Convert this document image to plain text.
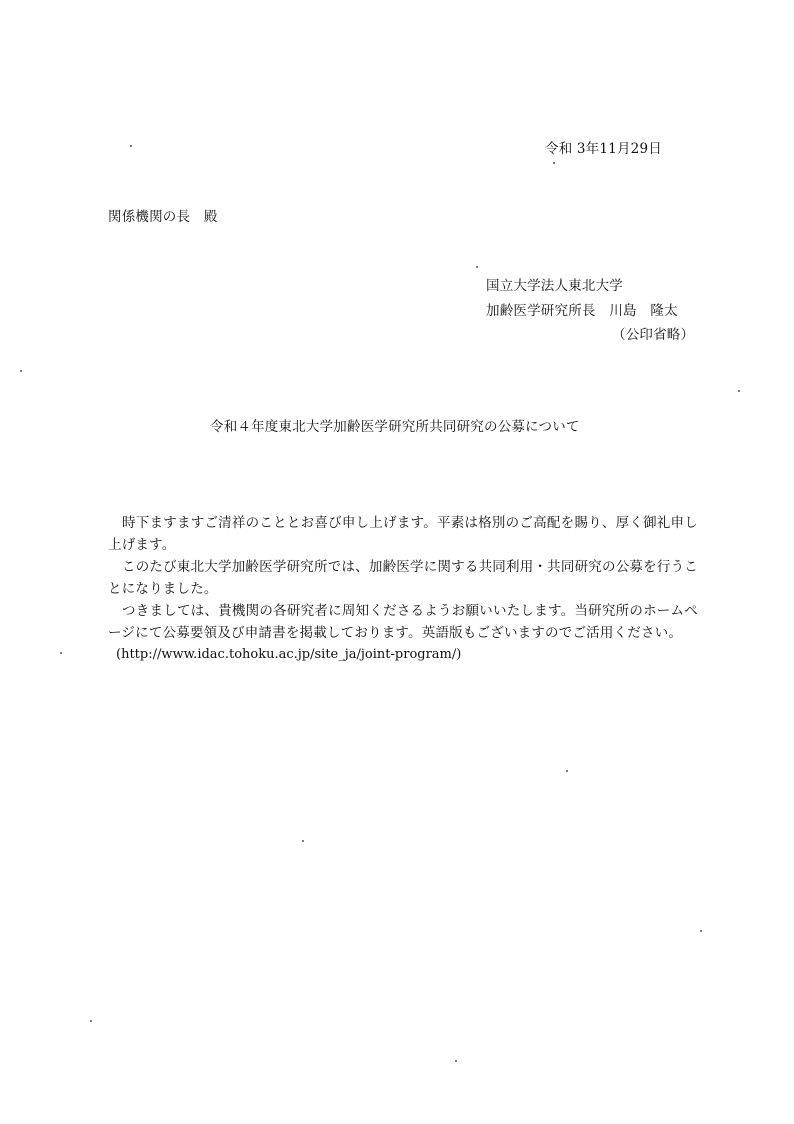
令和 3年11月29日
関係機関の長　殿
国立大学法人東北大学
加齢医学研究所長　川島　隆太
（公印省略）
令和４年度東北大学加齢医学研究所共同研究の公募について

時下ますますご清祥のこととお喜び申し上げます。平素は格別のご高配を賜り、厚く御礼申し上げます。

このたび東北大学加齢医学研究所では、加齢医学に関する共同利用・共同研究の公募を行うことになりました。

つきましては、貴機関の各研究者に周知くださるようお願いいたします。当研究所のホームページにて公募要領及び申請書を掲載しております。英語版もございますのでご活用ください。

(http://www.idac.tohoku.ac.jp/site_ja/joint-program/)
